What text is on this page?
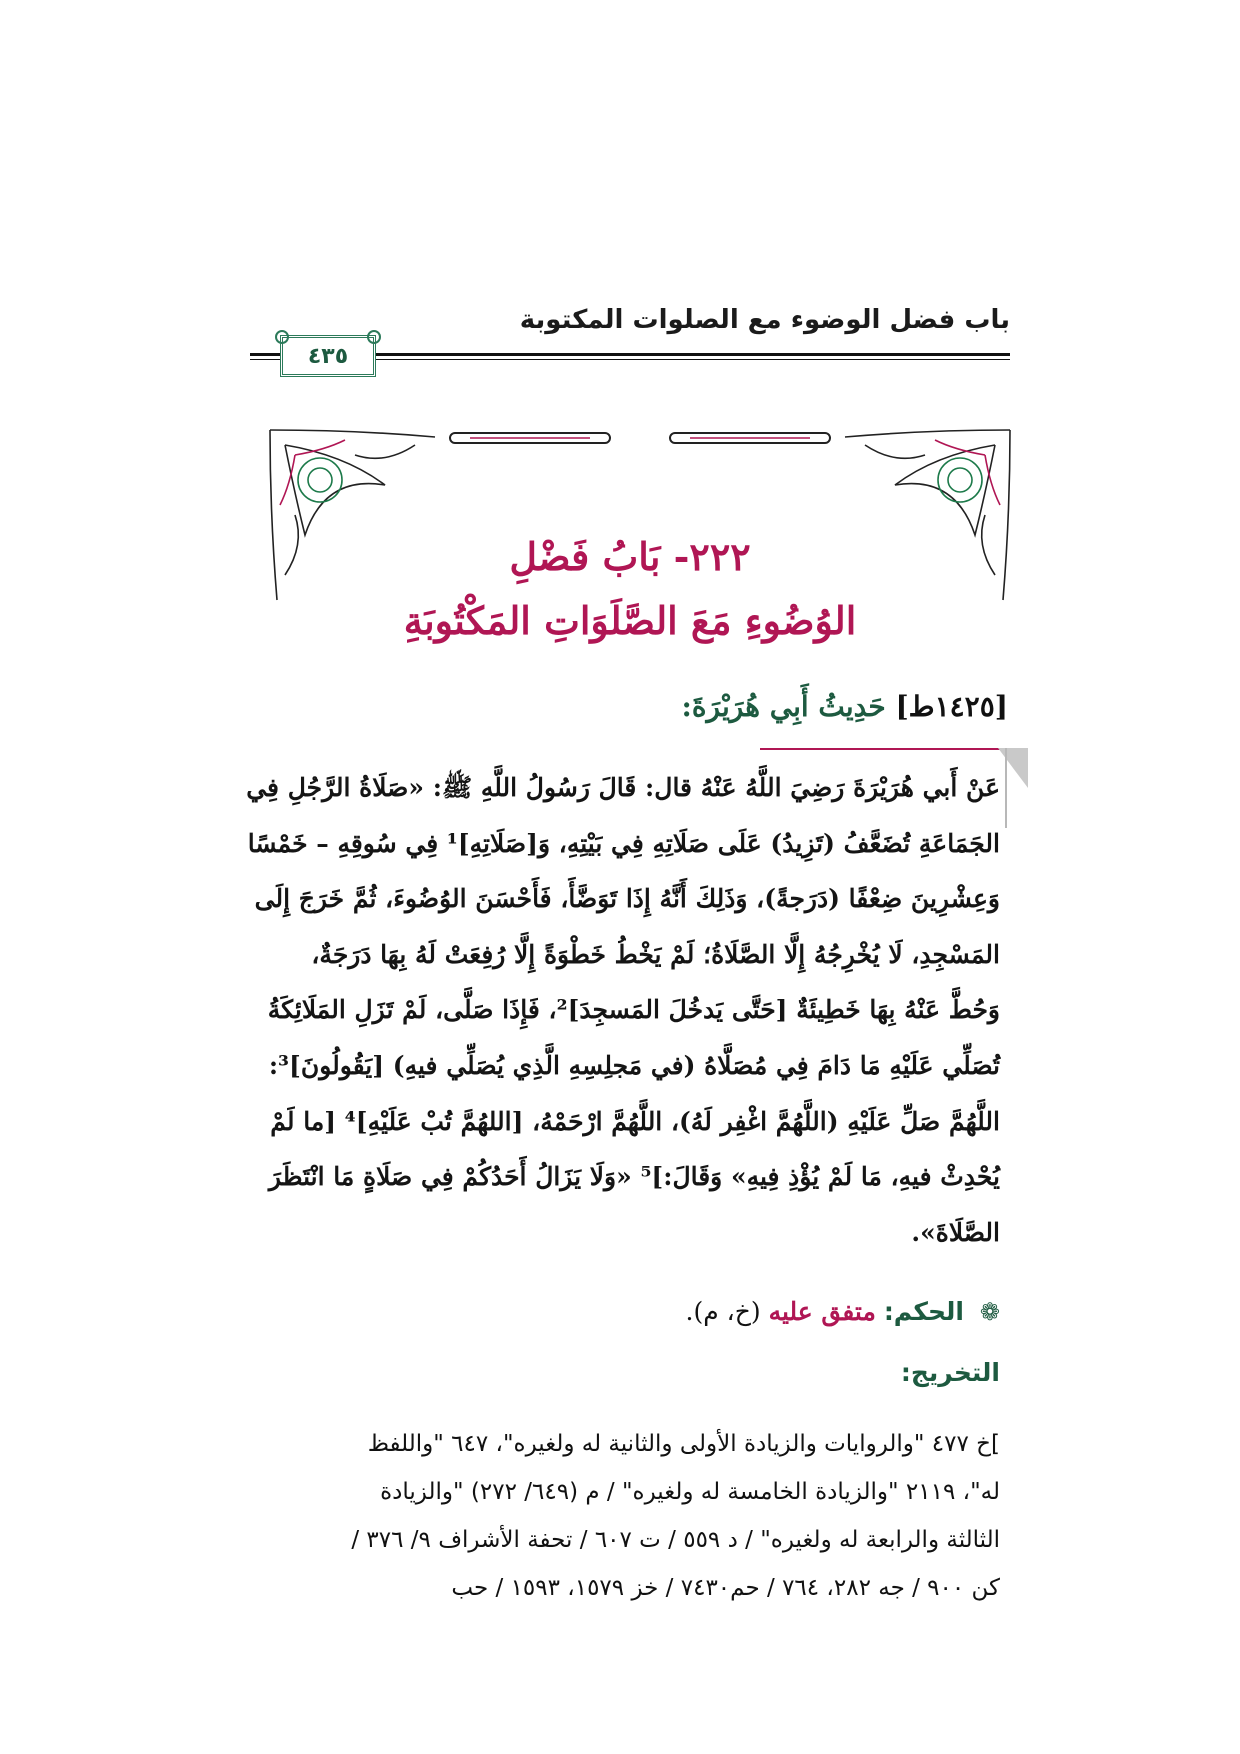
باب فضل الوضوء مع الصلوات المكتوبة
٤٣٥
٢٢٢- بَابُ فَضْلِ
الوُضُوءِ مَعَ الصَّلَوَاتِ المَكْتُوبَةِ
[١٤٢٥ط] حَدِيثُ أَبِي هُرَيْرَةَ:
عَنْ أَبي هُرَيْرَةَ رَضِيَ اللَّهُ عَنْهُ قال: قَالَ رَسُولُ اللَّهِ ﷺ: «صَلَاةُ الرَّجُلِ فِي
الجَمَاعَةِ تُضَعَّفُ (تَزِيدُ) عَلَى صَلَاتِهِ فِي بَيْتِهِ، وَ[صَلَاتِهِ]¹ فِي سُوقِهِ – خَمْسًا
وَعِشْرِينَ ضِعْفًا (دَرَجةً)، وَذَلِكَ أَنَّهُ إِذَا تَوَضَّأَ، فَأَحْسَنَ الوُضُوءَ، ثُمَّ خَرَجَ إِلَى
المَسْجِدِ، لَا يُخْرِجُهُ إِلَّا الصَّلَاةُ؛ لَمْ يَخْطُ خَطْوَةً إِلَّا رُفِعَتْ لَهُ بِهَا دَرَجَةٌ،
وَحُطَّ عَنْهُ بِهَا خَطِيئَةٌ [حَتَّى يَدخُلَ المَسجِدَ]²، فَإِذَا صَلَّى، لَمْ تَزَلِ المَلَائِكَةُ
تُصَلِّي عَلَيْهِ مَا دَامَ فِي مُصَلَّاهُ (في مَجلِسِهِ الَّذِي يُصَلِّي فيهِ) [يَقُولُونَ]³:
اللَّهُمَّ صَلِّ عَلَيْهِ (اللَّهُمَّ اغْفِر لَهُ)، اللَّهُمَّ ارْحَمْهُ، [اللهُمَّ تُبْ عَلَيْهِ]⁴ [ما لَمْ
يُحْدِثْ فيهِ، مَا لَمْ يُؤْذِ فِيهِ» وَقَالَ:]⁵ «وَلَا يَزَالُ أَحَدُكُمْ فِي صَلَاةٍ مَا انْتَظَرَ
الصَّلَاةَ».
❁ الحكم: متفق عليه (خ، م).
التخريج:
]خ ٤٧٧ "والروايات والزيادة الأولى والثانية له ولغيره"، ٦٤٧ "واللفظ
له"، ٢١١٩ "والزيادة الخامسة له ولغيره" / م (٦٤٩/ ٢٧٢) "والزيادة
الثالثة والرابعة له ولغيره" / د ٥٥٩ / ت ٦٠٧ / تحفة الأشراف ٩/ ٣٧٦ /
كن ٩٠٠ / جه ٢٨٢، ٧٦٤ / حم٧٤٣٠ / خز ١٥٧٩، ١٥٩٣ / حب
